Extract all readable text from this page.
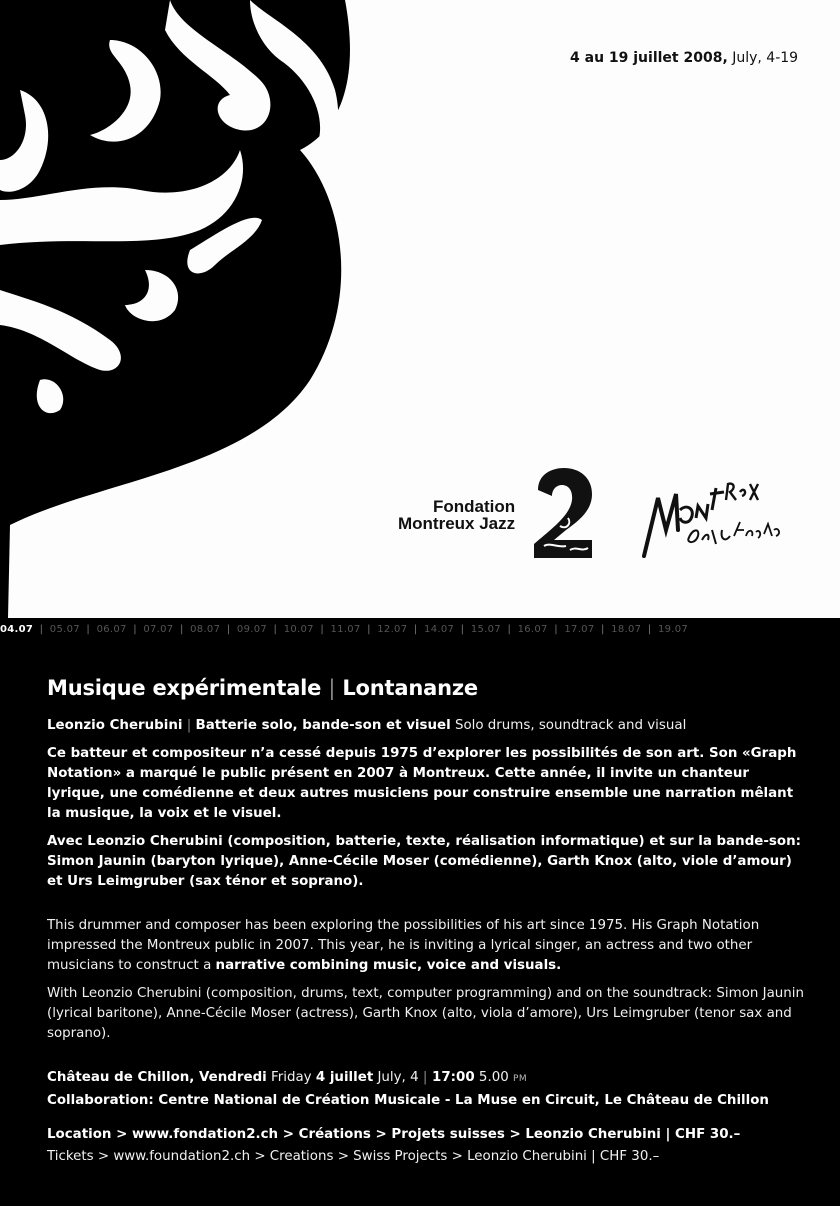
4 au 19 juillet 2008, July, 4-19
Fondation
Montreux Jazz
04.07 | 05.07 | 06.07 | 07.07 | 08.07 | 09.07 | 10.07 | 11.07 | 12.07 | 14.07 | 15.07 | 16.07 | 17.07 | 18.07 | 19.07
Musique expérimentale | Lontananze

Leonzio Cherubini | Batterie solo, bande-son et visuel Solo drums, soundtrack and visual

Ce batteur et compositeur n’a cessé depuis 1975 d’explorer les possibilités de son art. Son «Graph Notation» a marqué le public présent en 2007 à Montreux. Cette année, il invite un chanteur lyrique, une comédienne et deux autres musiciens pour construire ensemble une narration mêlant la musique, la voix et le visuel.

Avec Leonzio Cherubini (composition, batterie, texte, réalisation informatique) et sur la bande-son: Simon Jaunin (baryton lyrique), Anne-Cécile Moser (comédienne), Garth Knox (alto, viole d’amour) et Urs Leimgruber (sax ténor et soprano).

This drummer and composer has been exploring the possibilities of his art since 1975. His Graph Notation impressed the Montreux public in 2007. This year, he is inviting a lyrical singer, an actress and two other musicians to construct a narrative combining music, voice and visuals.

With Leonzio Cherubini (composition, drums, text, computer programming) and on the soundtrack: Simon Jaunin (lyrical baritone), Anne-Cécile Moser (actress), Garth Knox (alto, viola d’amore), Urs Leimgruber (tenor sax and soprano).

Château de Chillon, Vendredi Friday 4 juillet July, 4 | 17:00 5.00 PM

Collaboration: Centre National de Création Musicale - La Muse en Circuit, Le Château de Chillon

Location > www.fondation2.ch > Créations > Projets suisses > Leonzio Cherubini | CHF 30.–

Tickets > www.foundation2.ch > Creations > Swiss Projects > Leonzio Cherubini | CHF 30.–
